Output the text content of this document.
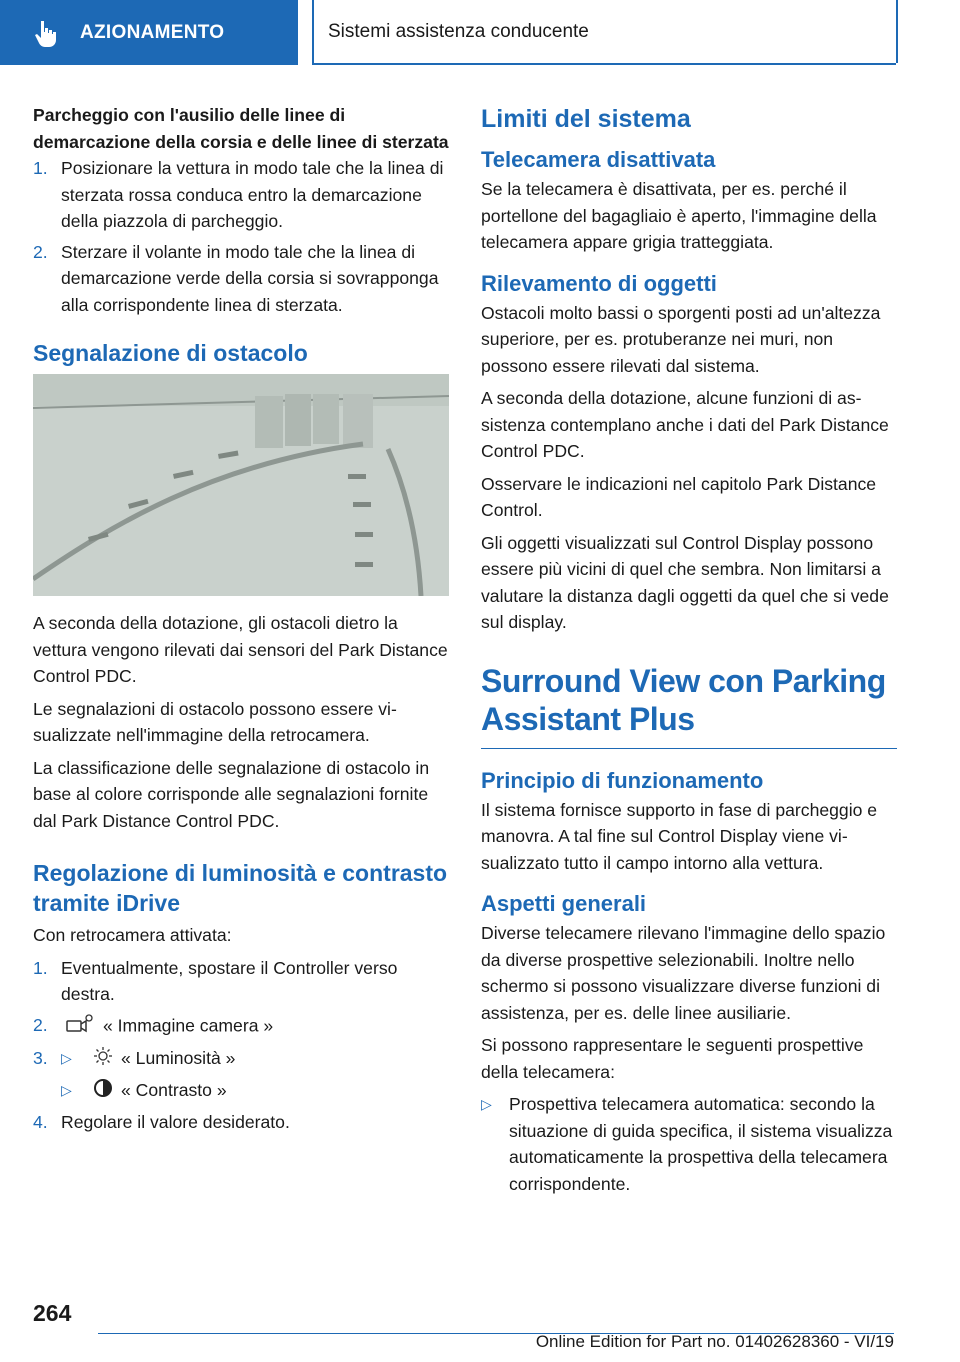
AZIONAMENTO	Sistemi assistenza conducente
Parcheggio con l'ausilio delle linee di demarcazione della corsia e delle linee di sterzata
1. Posizionare la vettura in modo tale che la linea di sterzata rossa conduca entro la demarcazione della piazzola di parcheggio.
2. Sterzare il volante in modo tale che la linea di demarcazione verde della corsia si sovrapponga alla corrispondente linea di sterzata.
Segnalazione di ostacolo

A seconda della dotazione, gli ostacoli dietro la vettura vengono rilevati dai sensori del Park Distance Control PDC.

Le segnalazioni di ostacolo possono essere visualizzate nell'immagine della retrocamera.

La classificazione delle segnalazione di ostacolo in base al colore corrisponde alle segnalazioni fornite dal Park Distance Control PDC.

Regolazione di luminosità e contrasto tramite iDrive

Con retrocamera attivata:

1. Eventualmente, spostare il Controller verso destra.
2.	« Immagine camera »
3. ▷	« Luminosità »
▷	« Contrasto »
4. Regolare il valore desiderato.
Limiti del sistema
Telecamera disattivata

Se la telecamera è disattivata, per es. perché il portellone del bagagliaio è aperto, l'immagine della telecamera appare grigia tratteggiata.

Rilevamento di oggetti

Ostacoli molto bassi o sporgenti posti ad un'altezza superiore, per es. protuberanze nei muri, non possono essere rilevati dal sistema.

A seconda della dotazione, alcune funzioni di assistenza contemplano anche i dati del Park Distance Control PDC.

Osservare le indicazioni nel capitolo Park Distance Control.

Gli oggetti visualizzati sul Control Display possono essere più vicini di quel che sembra. Non limitarsi a valutare la distanza dagli oggetti da quel che si vede sul display.

Surround View con Parking Assistant Plus
Principio di funzionamento

Il sistema fornisce supporto in fase di parcheggio e manovra. A tal fine sul Control Display viene visualizzato tutto il campo intorno alla vettura.

Aspetti generali

Diverse telecamere rilevano l'immagine dello spazio da diverse prospettive selezionabili. Inoltre nello schermo si possono visualizzare diverse funzioni di assistenza, per es. delle linee ausiliarie.

Si possono rappresentare le seguenti prospettive della telecamera:

▷ Prospettiva telecamera automatica: secondo la situazione di guida specifica, il sistema visualizza automaticamente la prospettiva della telecamera corrispondente.
264
Online Edition for Part no. 01402628360 - VI/19
